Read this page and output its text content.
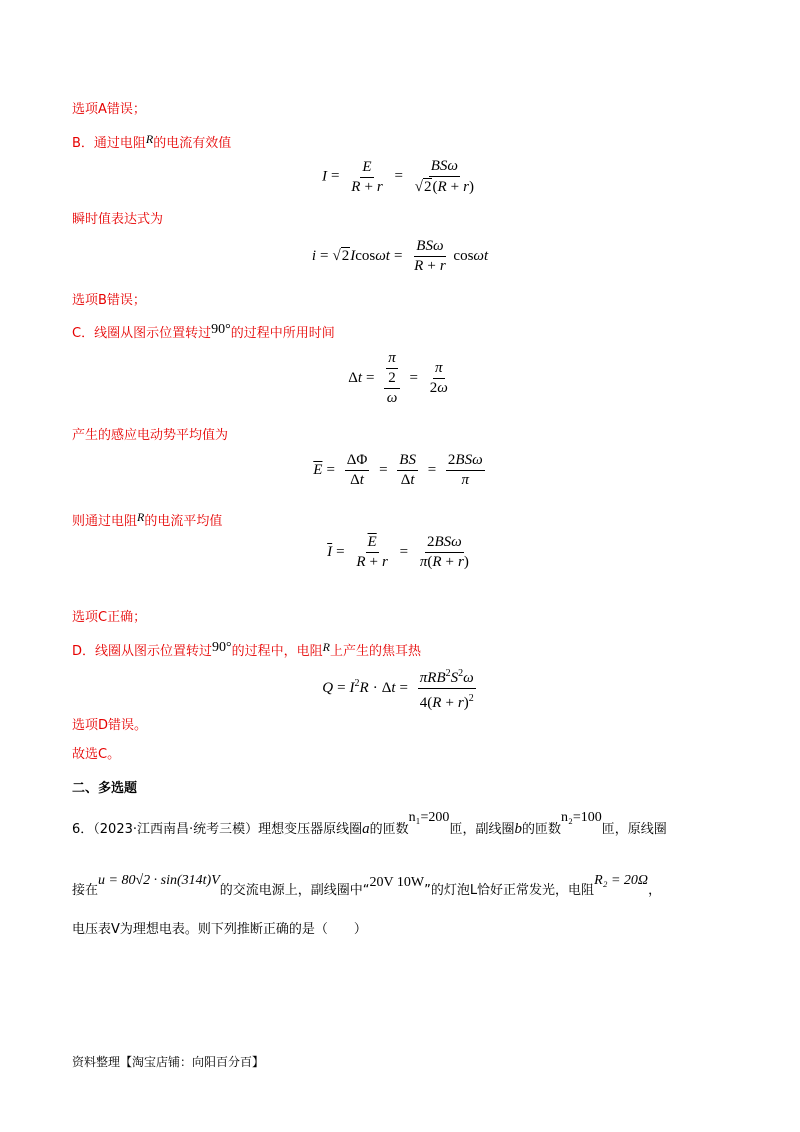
选项A错误；
B．通过电阻R的电流有效值
$I = \frac{E}{R + r} = \frac{\text{BSω}}{√2(R + r)}$
瞬时值表达式为
$i = √2Icos\omega t = \frac{\text{BSω}}{R + r}$ cosωt
选项B错误；
C．线圈从图示位置转过90°的过程中所用时间
$\Delta t = \frac{\frac{\pi}{2}}{\omega} = \frac{\pi}{2\omega}$
产生的感应电动势平均值为
$\overline{E} = \frac{\Delta\Phi}{\Delta t} = \frac{BS}{\Delta t} = \frac{\text{2BSω}}{\pi}$
则通过电阻R的电流平均值
$\overline{I} = \frac{\overline{E}}{R + r} = \frac{\text{2BSω}}{\pi(R + r)}$
选项C正确；
D．线圈从图示位置转过90°的过程中，电阻R上产生的焦耳热
$Q = I^2R \cdot \Delta t = \frac{\pi RB^2S^2\omega}{4(R + r)^2}$
选项D错误。
故选C。
二、多选题
6．（2023·江西南昌·统考三模）理想变压器原线圈a的匝数n₁=200匝，副线圈b的匝数n₂=100匝，原线圈
接在u = 80√2 · sin(314t)V的交流电源上，副线圈中“20V 10W”的灯泡L恰好正常发光，电阻R₂ = 20Ω，
电压表V为理想电表。则下列推断正确的是（　　）
资料整理【淘宝店铺：向阳百分百】
